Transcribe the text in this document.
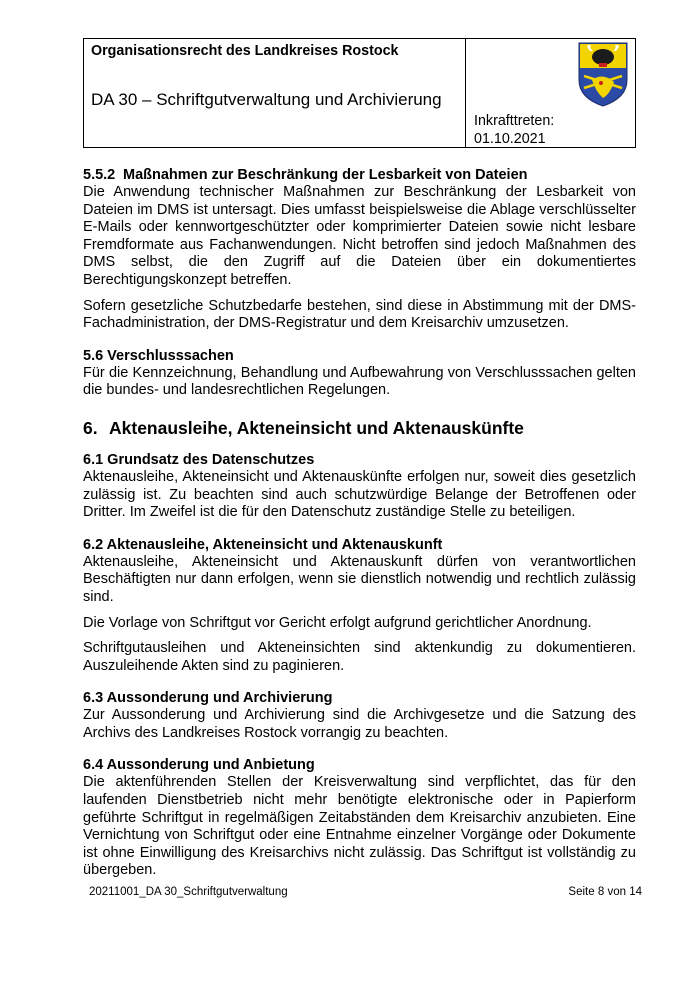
Organisationsrecht des Landkreises Rostock
DA 30 – Schriftgutverwaltung und Archivierung
Inkrafttreten:
01.10.2021
5.5.2 Maßnahmen zur Beschränkung der Lesbarkeit von Dateien

Die Anwendung technischer Maßnahmen zur Beschränkung der Lesbarkeit von Dateien im DMS ist untersagt. Dies umfasst beispielsweise die Ablage verschlüsselter E-Mails oder kennwortgeschützter oder komprimierter Dateien sowie nicht lesbare Fremdformate aus Fachanwendungen. Nicht betroffen sind jedoch Maßnahmen des DMS selbst, die den Zugriff auf die Dateien über ein dokumentiertes Berechtigungskonzept betreffen.

Sofern gesetzliche Schutzbedarfe bestehen, sind diese in Abstimmung mit der DMS-Fachadministration, der DMS-Registratur und dem Kreisarchiv umzusetzen.

5.6 Verschlusssachen

Für die Kennzeichnung, Behandlung und Aufbewahrung von Verschlusssachen gelten die bundes- und landesrechtlichen Regelungen.

6. Aktenausleihe, Akteneinsicht und Aktenauskünfte
6.1 Grundsatz des Datenschutzes

Aktenausleihe, Akteneinsicht und Aktenauskünfte erfolgen nur, soweit dies gesetzlich zulässig ist. Zu beachten sind auch schutzwürdige Belange der Betroffenen oder Dritter. Im Zweifel ist die für den Datenschutz zuständige Stelle zu beteiligen.

6.2 Aktenausleihe, Akteneinsicht und Aktenauskunft

Aktenausleihe, Akteneinsicht und Aktenauskunft dürfen von verantwortlichen Beschäftigten nur dann erfolgen, wenn sie dienstlich notwendig und rechtlich zulässig sind.

Die Vorlage von Schriftgut vor Gericht erfolgt aufgrund gerichtlicher Anordnung.

Schriftgutausleihen und Akteneinsichten sind aktenkundig zu dokumentieren. Auszuleihende Akten sind zu paginieren.

6.3 Aussonderung und Archivierung

Zur Aussonderung und Archivierung sind die Archivgesetze und die Satzung des Archivs des Landkreises Rostock vorrangig zu beachten.

6.4 Aussonderung und Anbietung

Die aktenführenden Stellen der Kreisverwaltung sind verpflichtet, das für den laufenden Dienstbetrieb nicht mehr benötigte elektronische oder in Papierform geführte Schriftgut in regelmäßigen Zeitabständen dem Kreisarchiv anzubieten. Eine Vernichtung von Schriftgut oder eine Entnahme einzelner Vorgänge oder Dokumente ist ohne Einwilligung des Kreisarchivs nicht zulässig. Das Schriftgut ist vollständig zu übergeben.

20211001_DA 30_Schriftgutverwaltung	Seite 8 von 14
